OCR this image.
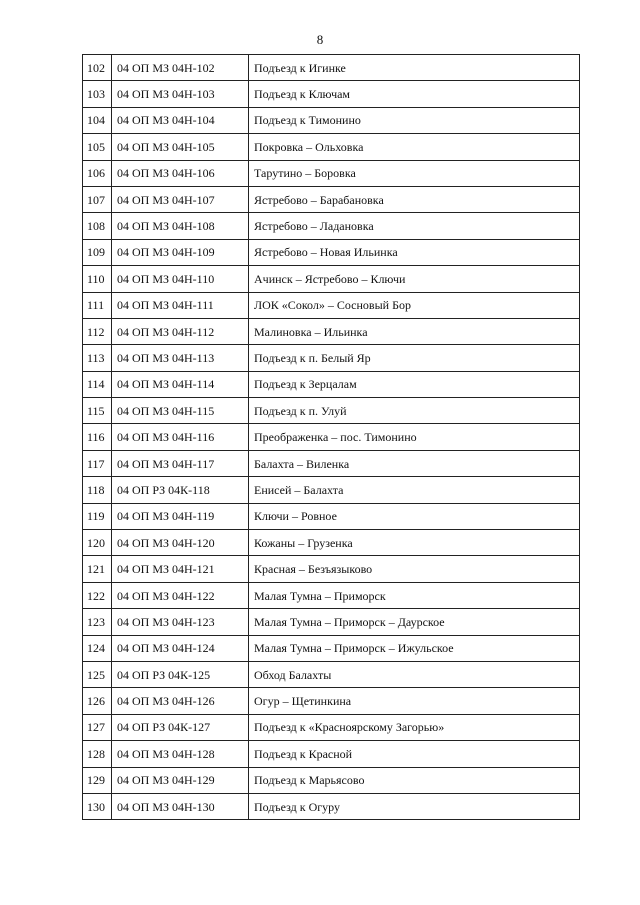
8
102	04 ОП МЗ 04Н-102	Подъезд к Игинке
103	04 ОП МЗ 04Н-103	Подъезд к Ключам
104	04 ОП МЗ 04Н-104	Подъезд к Тимонино
105	04 ОП МЗ 04Н-105	Покровка – Ольховка
106	04 ОП МЗ 04Н-106	Тарутино – Боровка
107	04 ОП МЗ 04Н-107	Ястребово – Барабановка
108	04 ОП МЗ 04Н-108	Ястребово – Ладановка
109	04 ОП МЗ 04Н-109	Ястребово – Новая Ильинка
110	04 ОП МЗ 04Н-110	Ачинск – Ястребово – Ключи
111	04 ОП МЗ 04Н-111	ЛОК «Сокол» – Сосновый Бор
112	04 ОП МЗ 04Н-112	Малиновка – Ильинка
113	04 ОП МЗ 04Н-113	Подъезд к п. Белый Яр
114	04 ОП МЗ 04Н-114	Подъезд к Зерцалам
115	04 ОП МЗ 04Н-115	Подъезд к п. Улуй
116	04 ОП МЗ 04Н-116	Преображенка – пос. Тимонино
117	04 ОП МЗ 04Н-117	Балахта – Виленка
118	04 ОП РЗ 04К-118	Енисей – Балахта
119	04 ОП МЗ 04Н-119	Ключи – Ровное
120	04 ОП МЗ 04Н-120	Кожаны – Грузенка
121	04 ОП МЗ 04Н-121	Красная – Безъязыково
122	04 ОП МЗ 04Н-122	Малая Тумна – Приморск
123	04 ОП МЗ 04Н-123	Малая Тумна – Приморск – Даурское
124	04 ОП МЗ 04Н-124	Малая Тумна – Приморск – Ижульское
125	04 ОП РЗ 04К-125	Обход Балахты
126	04 ОП МЗ 04Н-126	Огур – Щетинкина
127	04 ОП РЗ 04К-127	Подъезд к «Красноярскому Загорью»
128	04 ОП МЗ 04Н-128	Подъезд к Красной
129	04 ОП МЗ 04Н-129	Подъезд к Марьясово
130	04 ОП МЗ 04Н-130	Подъезд к Огуру
